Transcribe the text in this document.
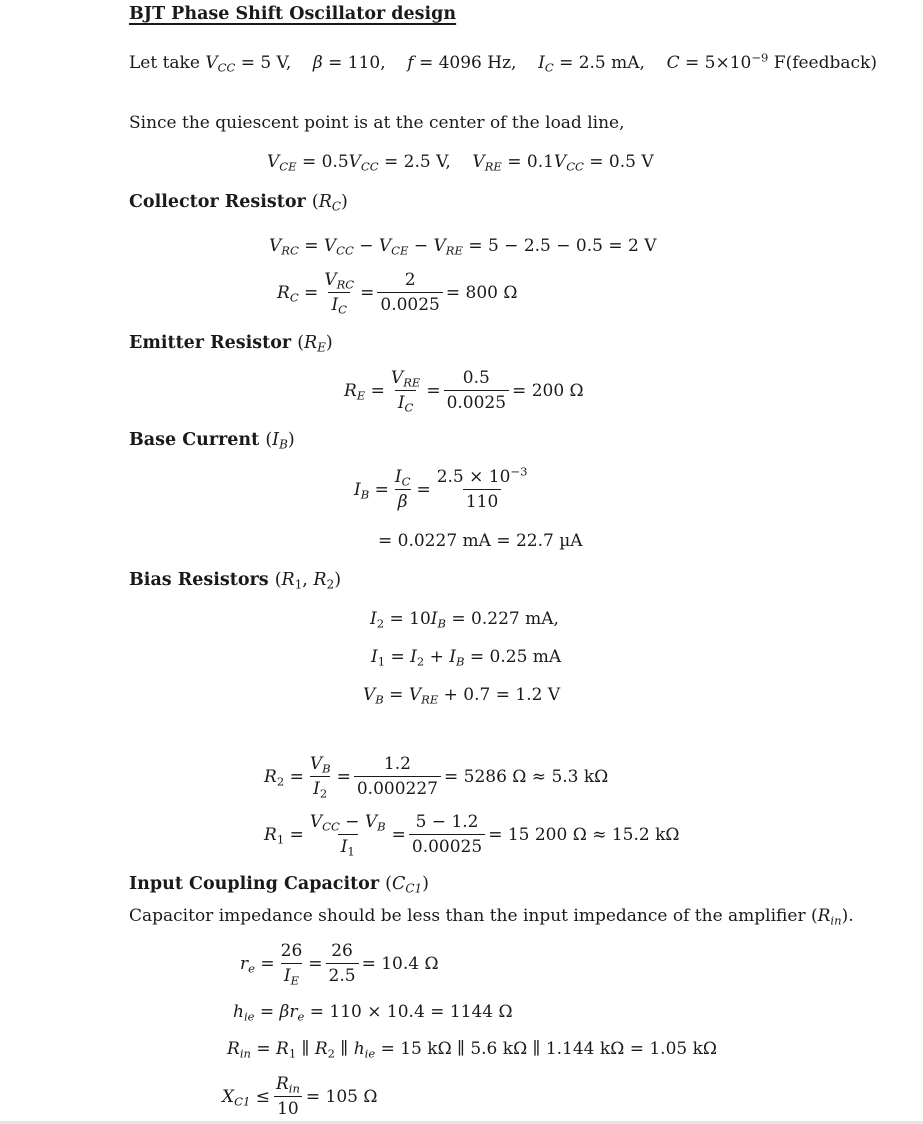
BJT Phase Shift Oscillator design
Let take $V_{CC} = 5$ V, β = 110, f = 4096 Hz, $I_C = 2.5$ mA, $C = 5\times 10^{-9}$ F(feedback)
Since the quiescent point is at the center of the load line,
$V_{CE} = 0.5V_{CC} = 2.5$ V, $V_{RE} = 0.1V_{CC} = 0.5$ V
Collector Resistor $(R_C)$
$V_{RC} = V_{CC} - V_{CE} - V_{RE} = 5 - 2.5 - 0.5 = 2$ V
$R_C$ =
$V_{RC}$
$I_C$
= $\frac{2}{0.0025} = 800$ Ω
Emitter Resistor $(R_E)$
$R_E$ =
$V_{RE}$
$I_C$
= $\frac{0.5}{0.0025} = 200$ Ω
Base Current $(I_B)$
$I_B = \frac{I_C}{\beta} = \frac{2.5 \times 10^{-3}}{110}$
= 0.0227 mA = 22.7 µA
Bias Resistors ($R_1$, $R_2$)
$I_2 = 10I_B = 0.227$ mA,
$I_1 = I_2 + I_B = 0.25$ mA
$V_B = V_{RE} + 0.7 = 1.2$ V
$R_2 = \frac{V_B}{I_2} = \frac{1.2}{0.000227} = 5286$ Ω ≈ 5.3 kΩ
$R_1$ =
$V_{CC} - V_B$
$I_1$
= $\frac{5 - 1.2}{0.00025} = 15$ 200 Ω ≈ 15.2 kΩ
Input Coupling Capacitor $(C_{C1})$
Capacitor impedance should be less than the input impedance of the amplifier $(R_{in})$.
$r_e = \frac{26}{I_E} = \frac{26}{2.5} = 10.4$ Ω
$h_{ie} = \beta r_e = 110 \times 10.4 = 1144$ Ω
$R_{in} = R_1$ ∥ $R_2$ ∥ $h_{ie} = 15$ kΩ ∥ 5.6 kΩ ∥ 1.144 kΩ = 1.05 kΩ
$X_{C1}$ ≤
$R_{in}$
10
= 105 Ω
